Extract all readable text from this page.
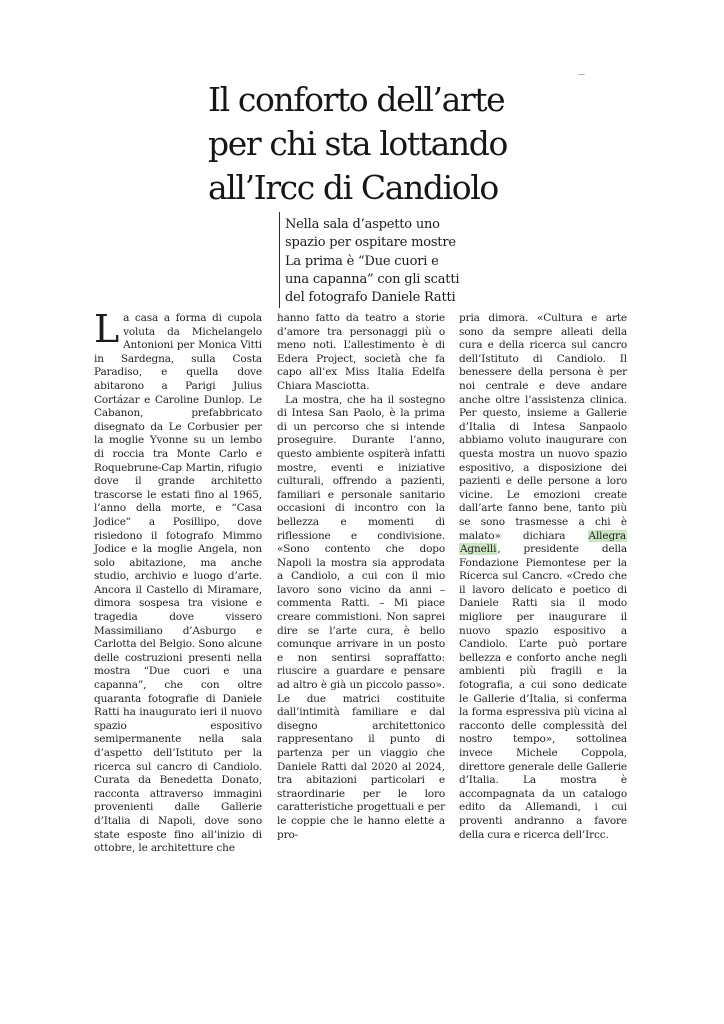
—
Il conforto dell’arte
per chi sta lottando
all’Ircc di Candiolo
Nella sala d’aspetto uno
spazio per ospitare mostre
La prima è “Due cuori e
una capanna” con gli scatti
del fotografo Daniele Ratti

La casa a forma di cupola voluta da Michelangelo Antonioni per Monica Vitti in Sardegna, sulla Costa Paradiso, e quella dove abitarono a Parigi Julius Cortázar e Caroline Dunlop. Le Cabanon, prefabbricato disegnato da Le Corbusier per la moglie Yvonne su un lembo di roccia tra Monte Carlo e Roquebrune-Cap Martin, rifugio dove il grande architetto trascorse le estati fino al 1965, l’anno della morte, e “Casa Jodice” a Posillipo, dove risiedono il fotografo Mimmo Jodice e la moglie Angela, non solo abitazione, ma anche studio, archivio e luogo d’arte. Ancora il Castello di Miramare, dimora sospesa tra visione e tragedia dove vissero Massimiliano d’Asburgo e Carlotta del Belgio. Sono alcune delle costruzioni presenti nella mostra “Due cuori e una capanna”, che con oltre quaranta fotografie di Daniele Ratti ha inaugurato ieri il nuovo spazio espositivo semipermanente nella sala d’aspetto dell’Istituto per la ricerca sul cancro di Candiolo. Curata da Benedetta Donato, racconta attraverso immagini provenienti dalle Gallerie d’Italia di Napoli, dove sono state esposte fino all’inizio di ottobre, le architetture che

hanno fatto da teatro a storie d’amore tra personaggi più o meno noti. L’allestimento è di Edera Project, società che fa capo all’ex Miss Italia Edelfa Chiara Masciotta.

La mostra, che ha il sostegno di Intesa San Paolo, è la prima di un percorso che si intende proseguire. Durante l’anno, questo ambiente ospiterà infatti mostre, eventi e iniziative culturali, offrendo a pazienti, familiari e personale sanitario occasioni di incontro con la bellezza e momenti di riflessione e condivisione. «Sono contento che dopo Napoli la mostra sia approdata a Candiolo, a cui con il mio lavoro sono vicino da anni – commenta Ratti. – Mi piace creare commistioni. Non saprei dire se l’arte cura, è bello comunque arrivare in un posto e non sentirsi sopraffatto: riuscire a guardare e pensare ad altro è già un piccolo passo». Le due matrici costituite dall’intimità familiare e dal disegno architettonico rappresentano il punto di partenza per un viaggio che Daniele Ratti dal 2020 al 2024, tra abitazioni particolari e straordinarie per le loro caratteristiche progettuali e per le coppie che le hanno elette a pro-

pria dimora. «Cultura e arte sono da sempre alleati della cura e della ricerca sul cancro dell’Istituto di Candiolo. Il benessere della persona è per noi centrale e deve andare anche oltre l’assistenza clinica. Per questo, insieme a Gallerie d’Italia di Intesa Sanpaolo abbiamo voluto inaugurare con questa mostra un nuovo spazio espositivo, a disposizione dei pazienti e delle persone a loro vicine. Le emozioni create dall’arte fanno bene, tanto più se sono trasmesse a chi è malato» dichiara Allegra Agnelli, presidente della Fondazione Piemontese per la Ricerca sul Cancro. «Credo che il lavoro delicato e poetico di Daniele Ratti sia il modo migliore per inaugurare il nuovo spazio espositivo a Candiolo. L’arte può portare bellezza e conforto anche negli ambienti più fragili e la fotografia, a cui sono dedicate le Gallerie d’Italia, si conferma la forma espressiva più vicina al racconto delle complessità del nostro tempo», sottolinea invece Michele Coppola, direttore generale delle Gallerie d’Italia. La mostra è accompagnata da un catalogo edito da Allemandi, i cui proventi andranno a favore della cura e ricerca dell’Ircc.
